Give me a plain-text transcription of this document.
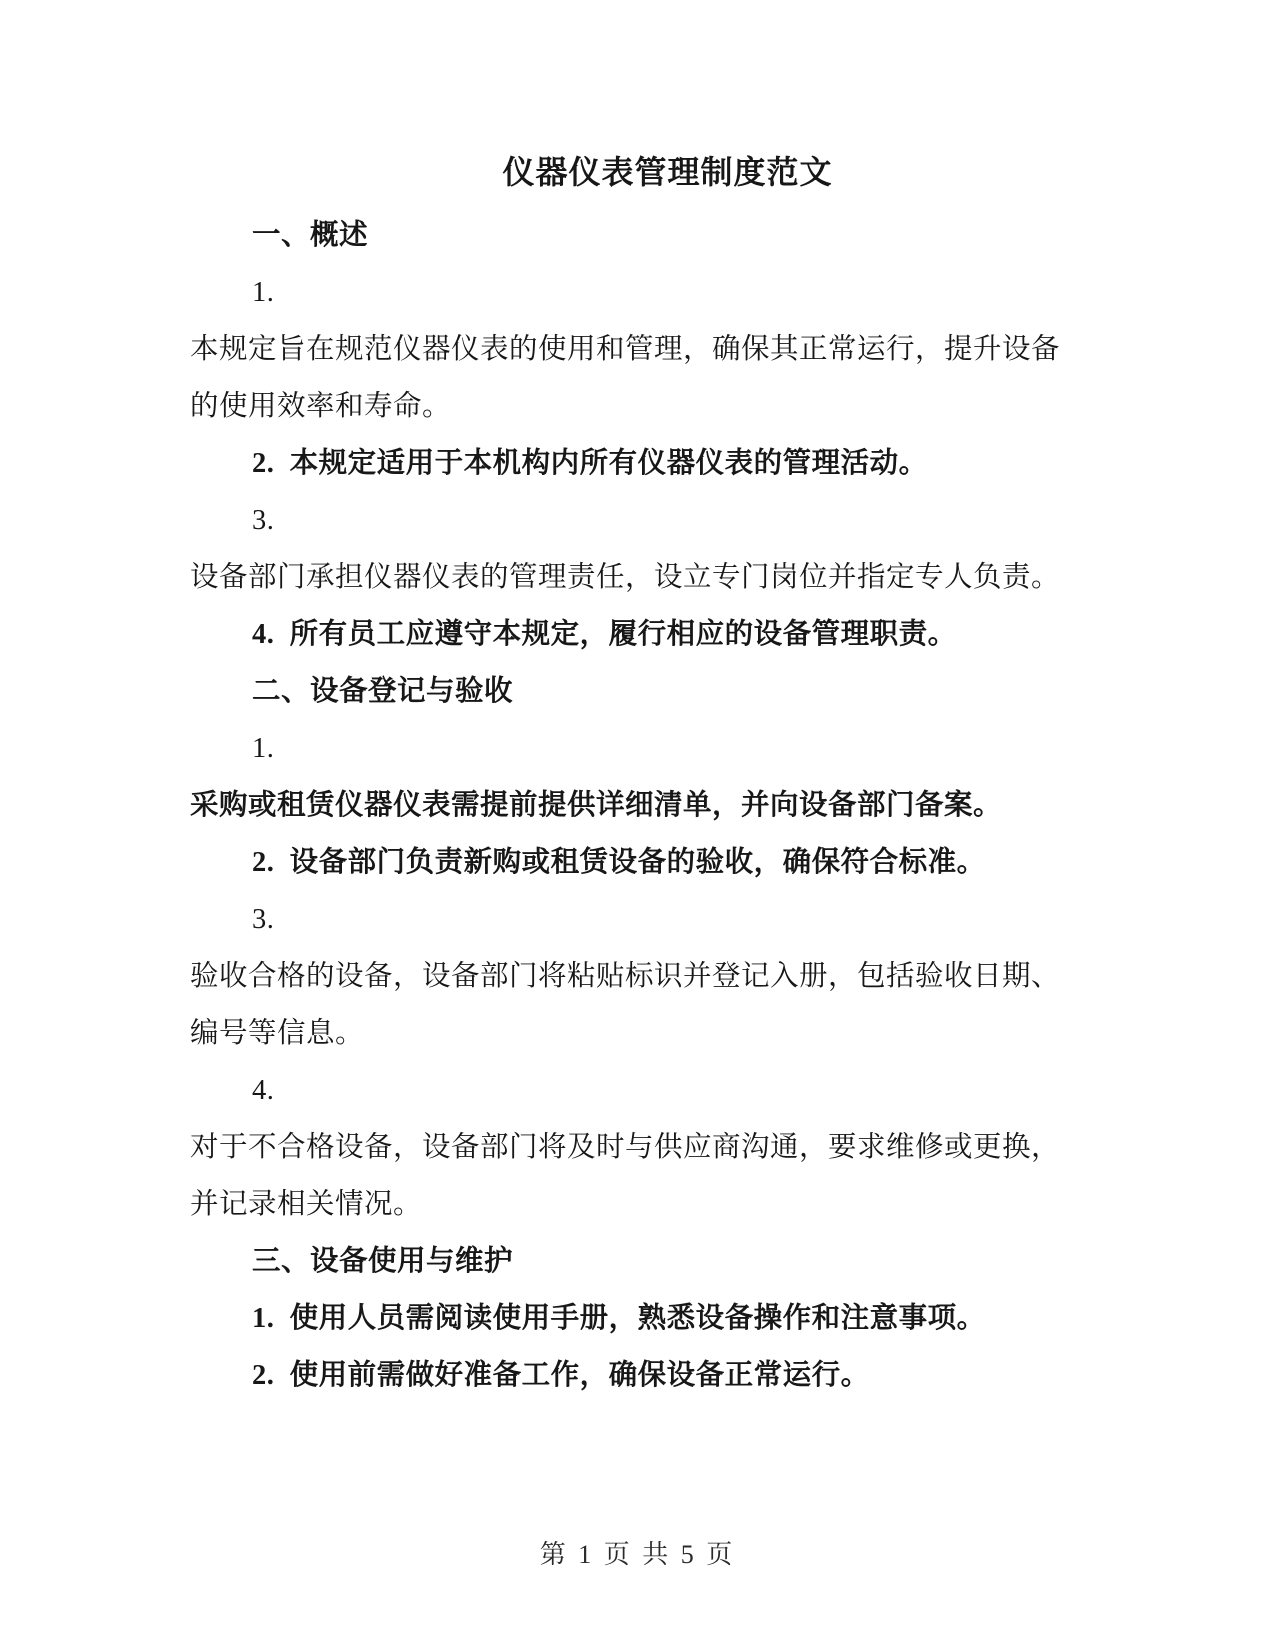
仪器仪表管理制度范文
一、概述
1.
本规定旨在规范仪器仪表的使用和管理，确保其正常运行，提升设备
的使用效率和寿命。
2.  本规定适用于本机构内所有仪器仪表的管理活动。
3.
设备部门承担仪器仪表的管理责任，设立专门岗位并指定专人负责。
4.  所有员工应遵守本规定，履行相应的设备管理职责。
二、设备登记与验收
1.
采购或租赁仪器仪表需提前提供详细清单，并向设备部门备案。
2.  设备部门负责新购或租赁设备的验收，确保符合标准。
3.
验收合格的设备，设备部门将粘贴标识并登记入册，包括验收日期、
编号等信息。
4.
对于不合格设备，设备部门将及时与供应商沟通，要求维修或更换，
并记录相关情况。
三、设备使用与维护
1.  使用人员需阅读使用手册，熟悉设备操作和注意事项。
2.  使用前需做好准备工作，确保设备正常运行。
第 1 页 共 5 页
